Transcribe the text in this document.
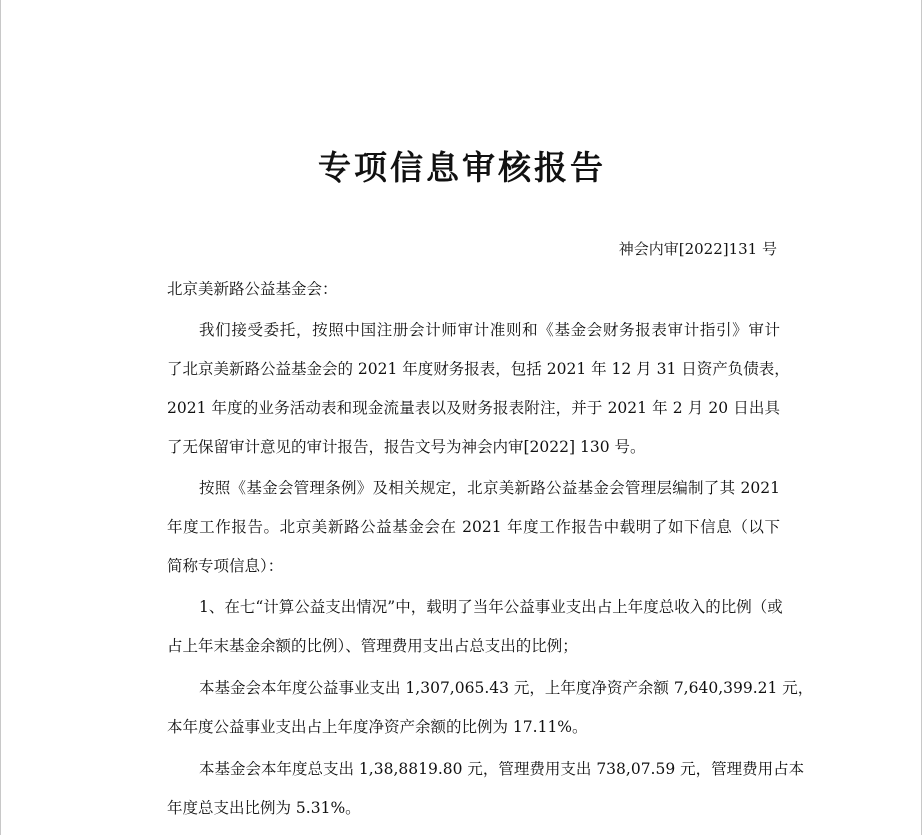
专项信息审核报告
神会内审[2022]131 号
北京美新路公益基金会：
我们接受委托，按照中国注册会计师审计准则和《基金会财务报表审计指引》审计
了北京美新路公益基金会的 2021 年度财务报表，包括 2021 年 12 月 31 日资产负债表，
2021 年度的业务活动表和现金流量表以及财务报表附注，并于 2021 年 2 月 20 日出具
了无保留审计意见的审计报告，报告文号为神会内审[2022] 130 号。
按照《基金会管理条例》及相关规定，北京美新路公益基金会管理层编制了其 2021
年度工作报告。北京美新路公益基金会在 2021 年度工作报告中载明了如下信息（以下
简称专项信息）：
1、在七“计算公益支出情况”中，载明了当年公益事业支出占上年度总收入的比例（或
占上年末基金余额的比例）、管理费用支出占总支出的比例；
本基金会本年度公益事业支出 1,307,065.43 元，上年度净资产余额 7,640,399.21 元，
本年度公益事业支出占上年度净资产余额的比例为 17.11%。
本基金会本年度总支出 1,38,8819.80 元，管理费用支出 738,07.59 元，管理费用占本
年度总支出比例为 5.31%。
